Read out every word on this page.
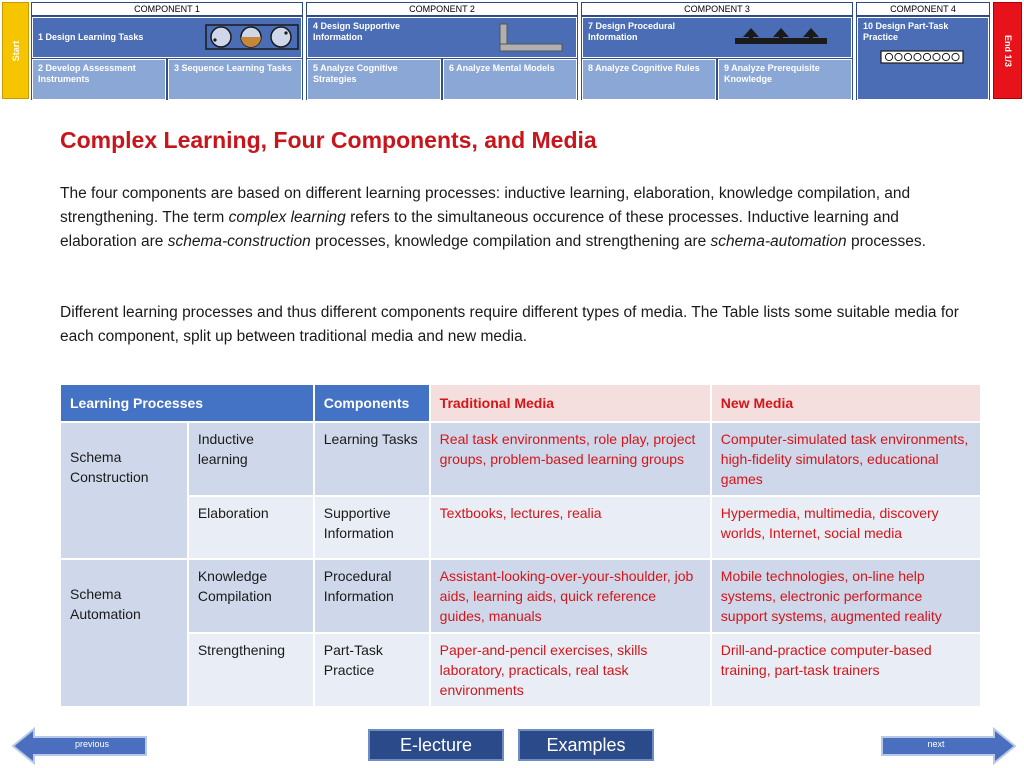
Start
COMPONENT 1	COMPONENT 2	COMPONENT 3	COMPONENT 4
1 Design Learning Tasks
2 Develop Assessment Instruments
3 Sequence Learning Tasks
4 Design Supportive Information
5 Analyze Cognitive Strategies
6 Analyze Mental Models
7 Design Procedural Information
8 Analyze Cognitive Rules	9 Analyze Prerequisite Knowledge
10 Design Part-Task Practice	End 1/3
Complex Learning, Four Components, and Media
The four components are based on different learning processes: inductive learning, elaboration, knowledge compilation, and strengthening. The term complex learning refers to the simultaneous occurence of these processes. Inductive learning and elaboration are schema-construction processes, knowledge compilation and strengthening are schema-automation processes.
Different learning processes and thus different components require different types of media. The Table lists some suitable media for each component, split up between traditional media and new media.
Learning Processes		Components	Traditional Media	New Media

Schema Construction	Inductive learning	Learning Tasks	Real task environments, role play, project groups, problem-based learning groups	Computer-simulated task environments, high-fidelity simulators, educational games
	Elaboration	Supportive Information	Textbooks, lectures, realia	Hypermedia, multimedia, discovery worlds, Internet, social media

Schema Automation	Knowledge Compilation	Procedural Information	Assistant-looking-over-your-shoulder, job aids, learning aids, quick reference guides, manuals	Mobile technologies, on-line help systems, electronic performance support systems, augmented reality
	Strengthening	Part-Task Practice	Paper-and-pencil exercises, skills laboratory, practicals, real task environments	Drill-and-practice computer-based training, part-task trainers
previous	E-lecture	Examples	next
